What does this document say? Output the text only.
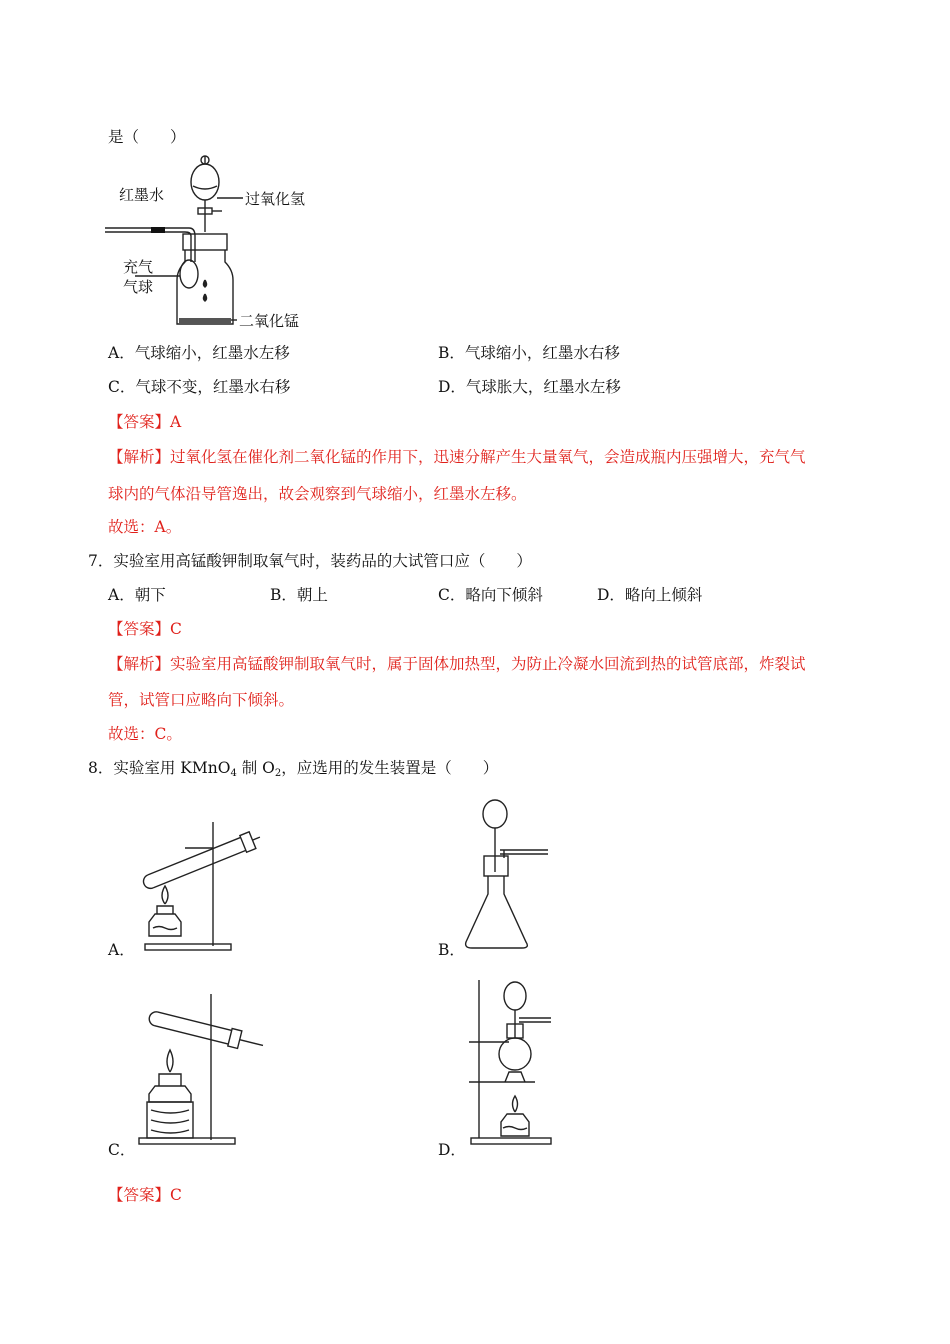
是（　　）
红墨水	过氧化氢
充气
气球
二氧化锰
A．气球缩小，红墨水左移	B．气球缩小，红墨水右移
C．气球不变，红墨水右移	D．气球胀大，红墨水左移
【答案】A
【解析】过氧化氢在催化剂二氧化锰的作用下，迅速分解产生大量氧气，会造成瓶内压强增大，充气气
球内的气体沿导管逸出，故会观察到气球缩小，红墨水左移。
故选：A。
7．实验室用高锰酸钾制取氧气时，装药品的大试管口应（　　）
A．朝下	B．朝上	C．略向下倾斜	D．略向上倾斜
【答案】C
【解析】实验室用高锰酸钾制取氧气时，属于固体加热型，为防止冷凝水回流到热的试管底部，炸裂试
管，试管口应略向下倾斜。
故选：C。
8．实验室用 KMnO$_4$ 制 $O_2$，应选用的发生装置是（　　）
A．	B．
C．	D．
【答案】C
